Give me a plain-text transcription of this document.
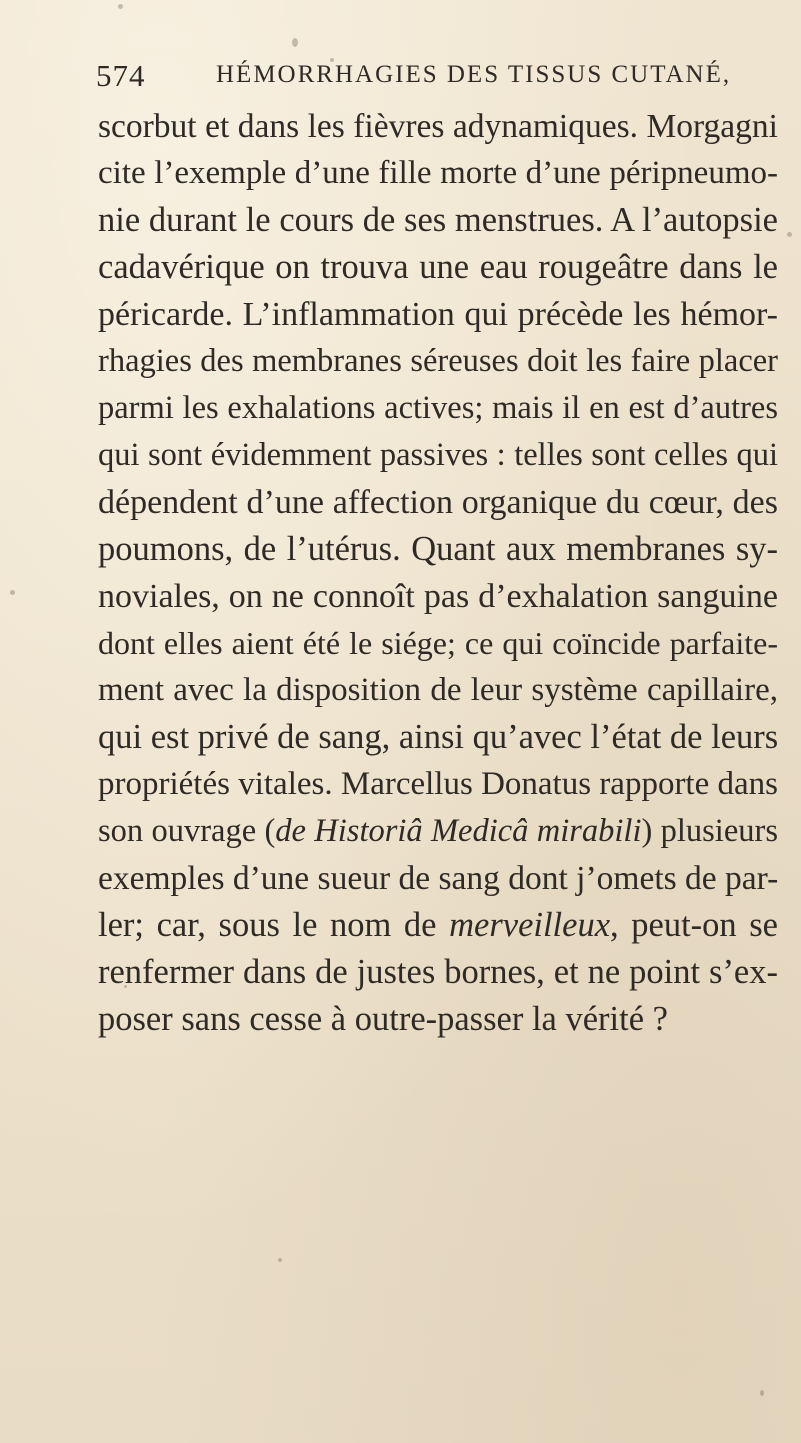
574	HÉMORRHAGIES DES TISSUS CUTANÉ,
scorbut et dans les fièvres adynamiques. Morgagni
cite l’exemple d’une fille morte d’une péripneumo-
nie durant le cours de ses menstrues. A l’autopsie
cadavérique on trouva une eau rougeâtre dans le
péricarde. L’inflammation qui précède les hémor-
rhagies des membranes séreuses doit les faire placer
parmi les exhalations actives; mais il en est d’autres
qui sont évidemment passives : telles sont celles qui
dépendent d’une affection organique du cœur, des
poumons, de l’utérus. Quant aux membranes sy-
noviales, on ne connoît pas d’exhalation sanguine
dont elles aient été le siége; ce qui coïncide parfaite-
ment avec la disposition de leur système capillaire,
qui est privé de sang, ainsi qu’avec l’état de leurs
propriétés vitales. Marcellus Donatus rapporte dans
son ouvrage (de Historiâ Medicâ mirabili) plusieurs
exemples d’une sueur de sang dont j’omets de par-
ler; car, sous le nom de merveilleux, peut-on se
renfermer dans de justes bornes, et ne point s’ex-
poser sans cesse à outre-passer la vérité ?
